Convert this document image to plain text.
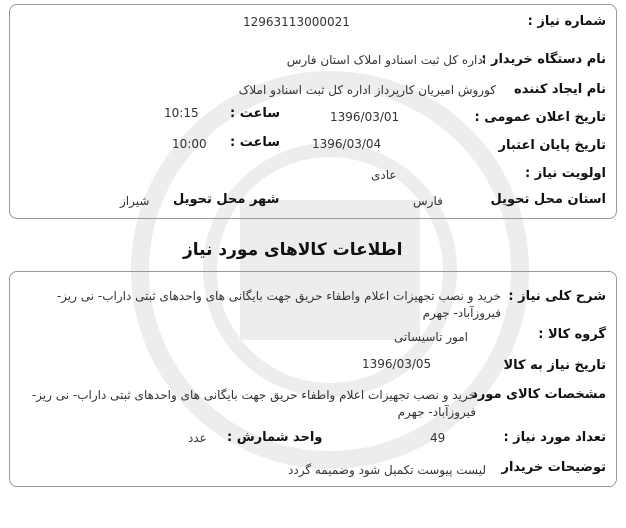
شماره نیاز :
12963113000021
نام دستگاه خریدار :
اداره کل ثبت اسنادو املاک استان فارس
نام ایجاد کننده
کوروش امیریان کارپرداز اداره کل ثبت اسنادو املاک
تاریخ اعلان عمومی :
1396/03/01
ساعت :
10:15
تاریخ پایان اعتبار
1396/03/04
ساعت :
10:00
اولویت نیاز :
عادی
استان محل تحویل
فارس
شهر محل تحویل
شیراز
اطلاعات کالاهای مورد نیاز
شرح کلی نیاز :
خرید و نصب تجهیزات اعلام واطفاء حریق جهت بایگانی های واحدهای ثبتی داراب- نی ریز- فیروزآباد- جهرم
گروه کالا :
امور تاسیساتی
تاریخ نیاز به کالا
1396/03/05
مشخصات کالای مورد
خرید و نصب تجهیزات اعلام واطفاء حریق جهت بایگانی های واحدهای ثبتی داراب- نی ریز- فیروزآباد- جهرم
تعداد مورد نیاز :
49
واحد شمارش :
عدد
توضیحات خریدار
لیست پیوست تکمیل شود وضمیمه گردد
